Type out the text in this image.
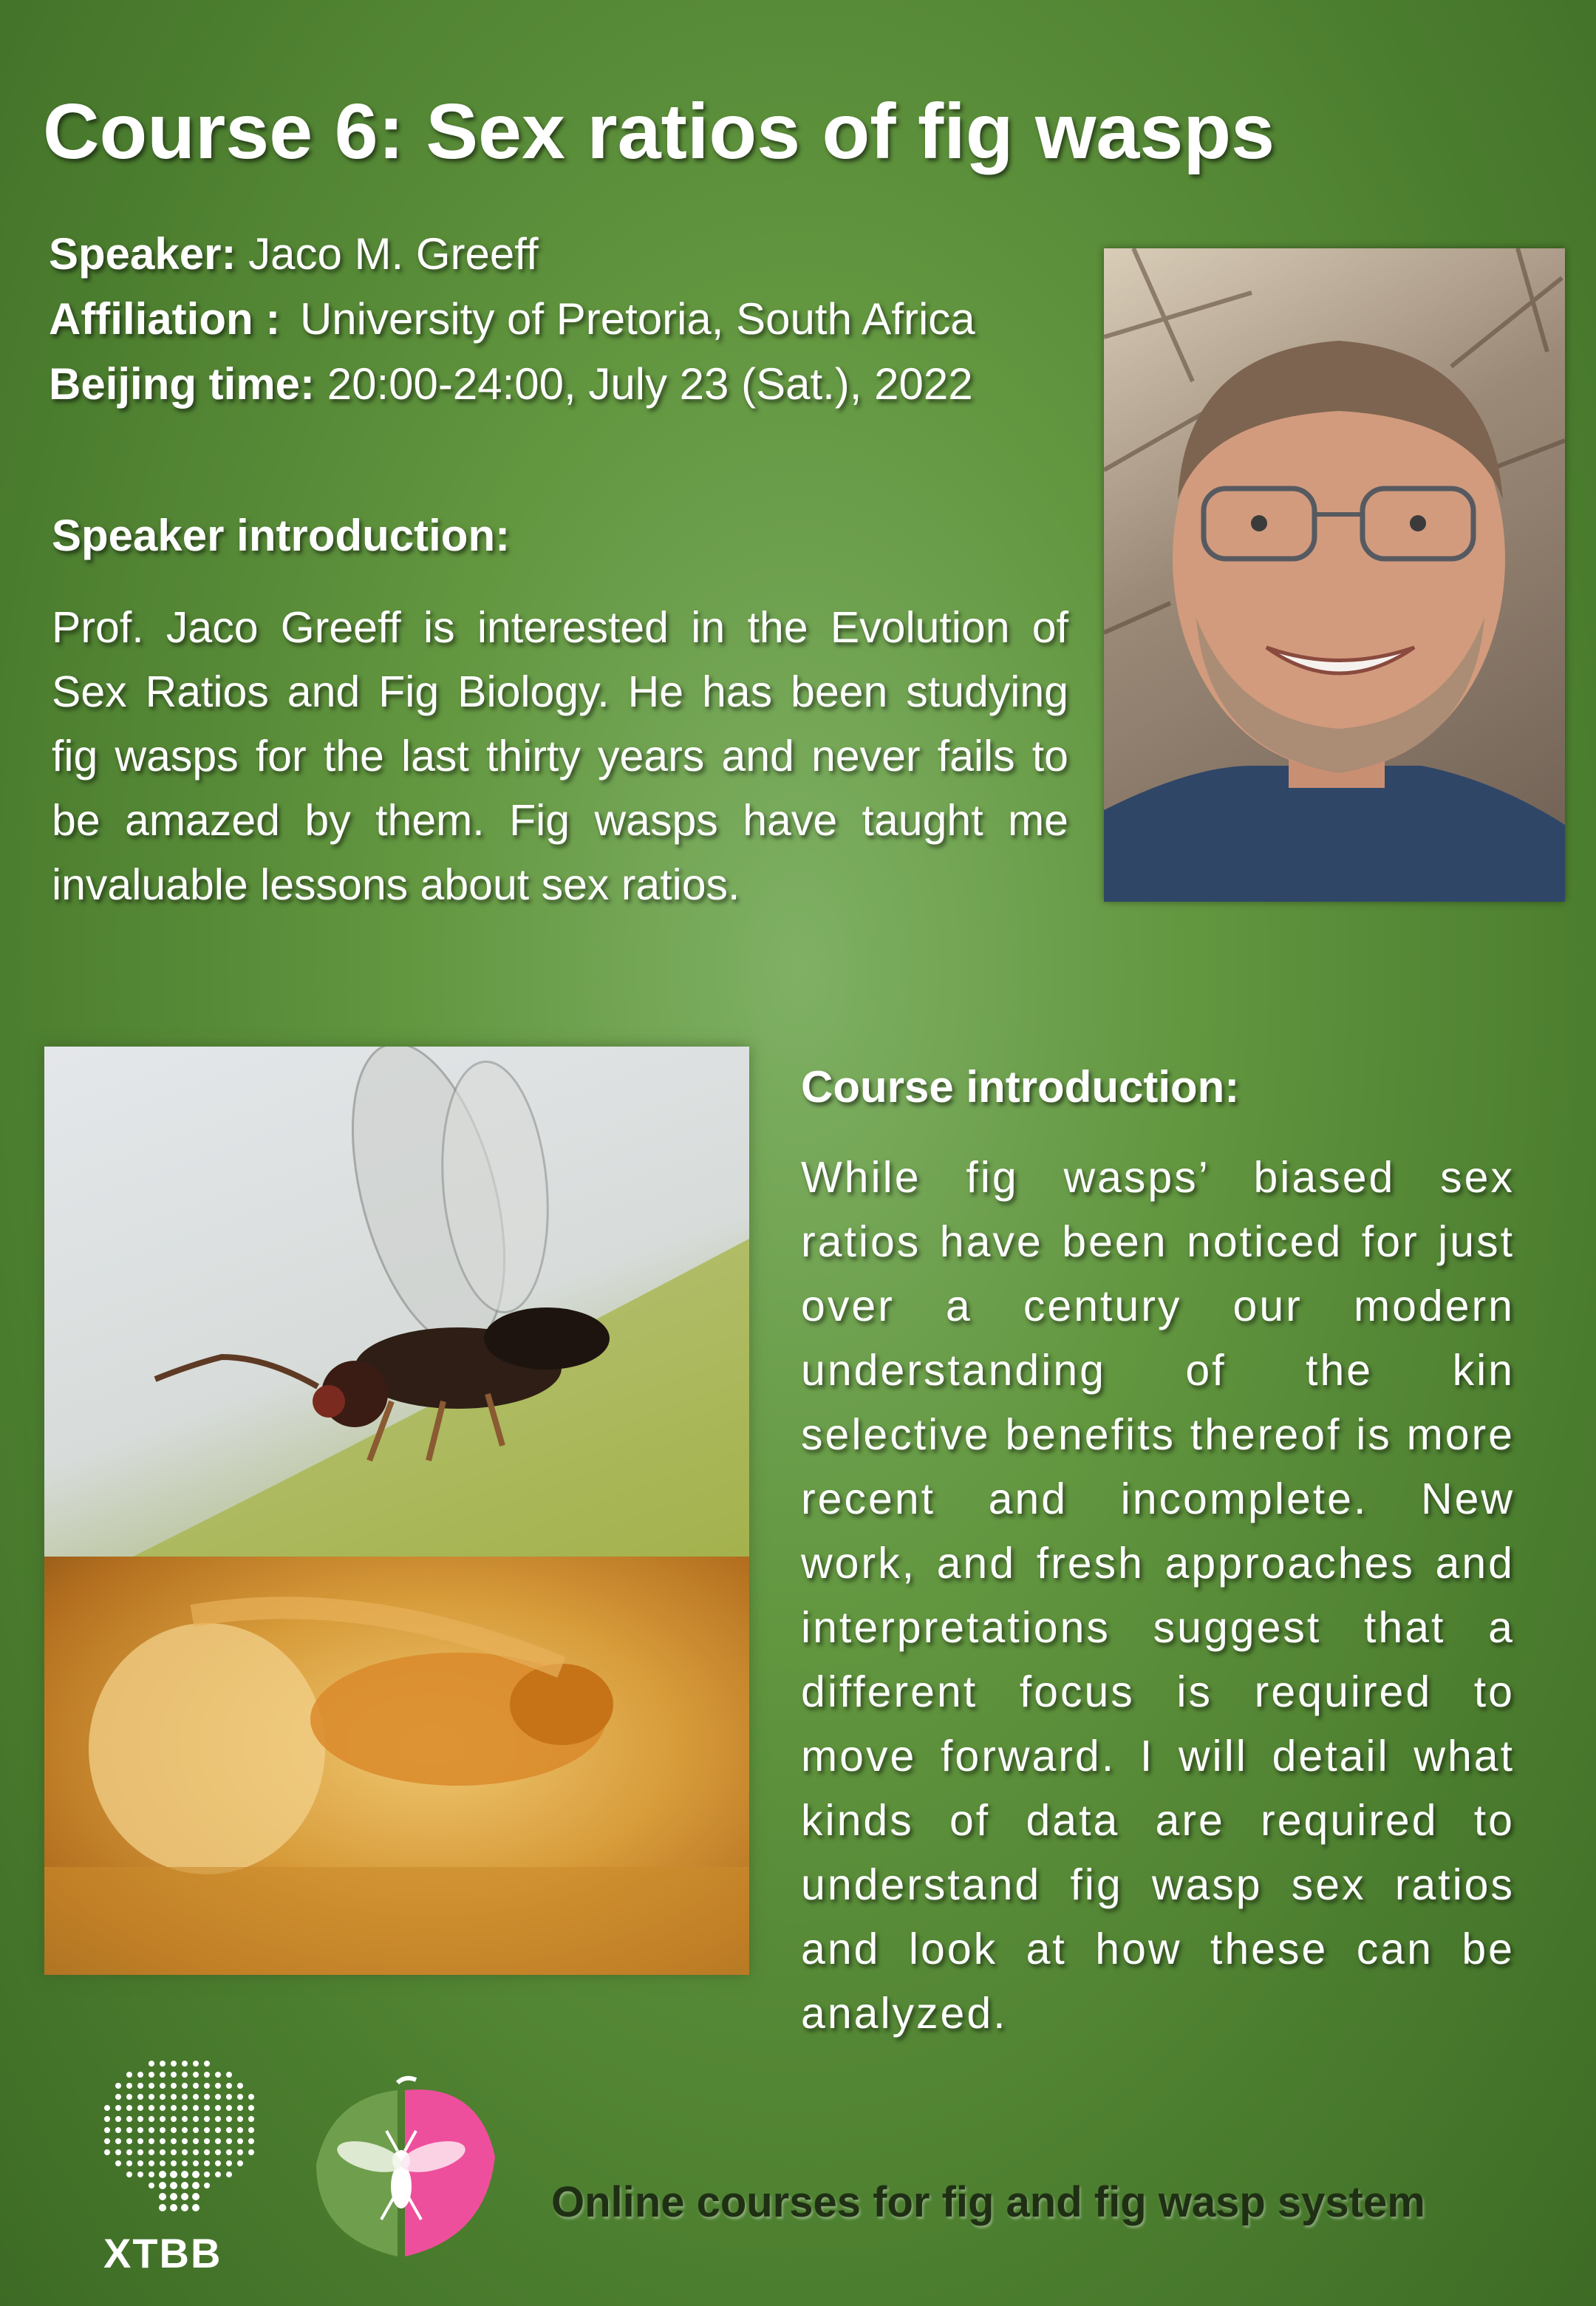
Course 6: Sex ratios of fig wasps
Speaker: Jaco M. Greeff
Affiliation : University of Pretoria, South Africa
Beijing time: 20:00-24:00, July 23 (Sat.), 2022
Speaker introduction:
Prof. Jaco Greeff is interested in the Evolution of Sex Ratios and Fig Biology. He has been studying fig wasps for the last thirty years and never fails to be amazed by them. Fig wasps have taught me invaluable lessons about sex ratios.
Course introduction:
While fig wasps’ biased sex ratios have been noticed for just over a century our modern understanding of the kin selective benefits thereof is more recent and incomplete. New work, and fresh approaches and interpretations suggest that a different focus is required to move forward. I will detail what kinds of data are required to understand fig wasp sex ratios and look at how these can be analyzed.
XTBB
Online courses for fig and fig wasp system
